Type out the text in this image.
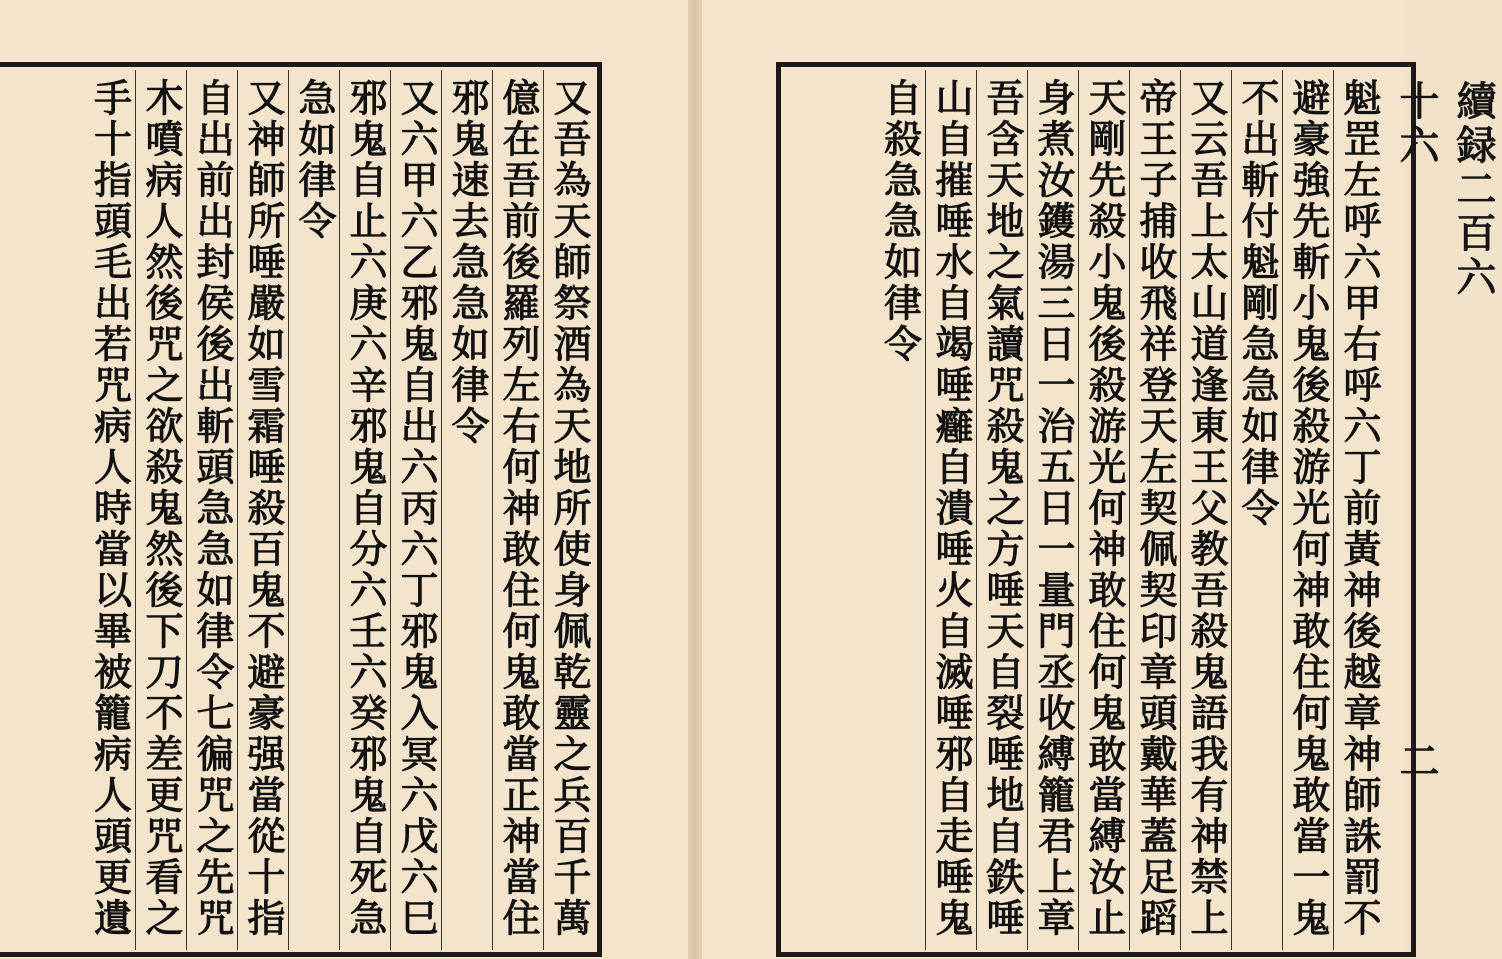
又吾為天師祭酒為天地所使身佩乾靈之兵百千萬
億在吾前後羅列左右何神敢住何鬼敢當正神當住
邪鬼速去急急如律令
又六甲六乙邪鬼自出六丙六丁邪鬼入冥六戊六巳
邪鬼自止六庚六辛邪鬼自分六壬六癸邪鬼自死急
急如律令
又神師所唾嚴如雪霜唾殺百鬼不避豪强當從十指
自出前出封侯後出斬頭急急如律令七徧咒之先咒
木噴病人然後咒之欲殺鬼然後下刀不差更咒看之
手十指頭毛出若咒病人時當以畢被籠病人頭更遺	魁罡左呼六甲右呼六丁前黃神後越章神師誅罰不
避豪強先斬小鬼後殺游光何神敢住何鬼敢當一鬼
不出斬付魁剛急急如律令
又云吾上太山道逢東王父教吾殺鬼語我有神禁上
帝王子捕收飛祥登天左契佩契印章頭戴華蓋足蹈
天剛先殺小鬼後殺游光何神敢住何鬼敢當縛汝止
身煮汝鑊湯三日一治五日一量門丞收縛籠君上章
吾含天地之氣讀咒殺鬼之方唾天自裂唾地自鉄唾
山自摧唾水自竭唾癰自潰唾火自滅唾邪自走唾鬼
自殺急急如律令	續録二百六十六
二
